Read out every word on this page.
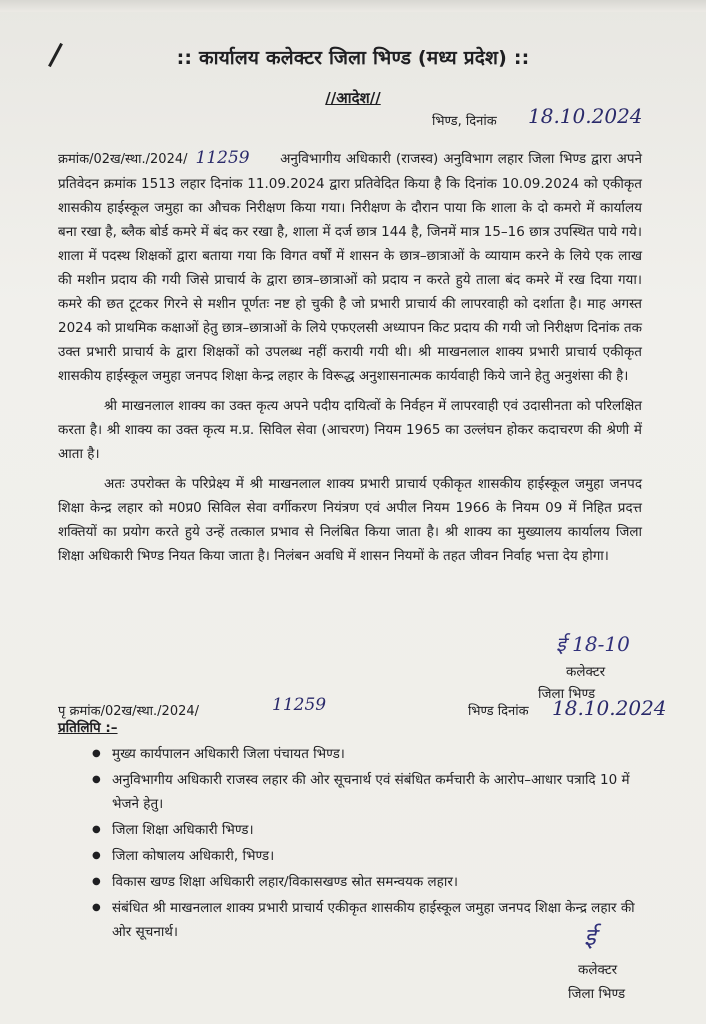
:: कार्यालय कलेक्टर जिला भिण्ड (मध्य प्रदेश) ::
//आदेश//
भिण्ड, दिनांक 18.10.2024

क्रमांक/02ख/स्था./2024/ 11259 अनुविभागीय अधिकारी (राजस्व) अनुविभाग लहार जिला भिण्ड द्वारा अपने प्रतिवेदन क्रमांक 1513 लहार दिनांक 11.09.2024 द्वारा प्रतिवेदित किया है कि दिनांक 10.09.2024 को एकीकृत शासकीय हाईस्कूल जमुहा का औचक निरीक्षण किया गया। निरीक्षण के दौरान पाया कि शाला के दो कमरो में कार्यालय बना रखा है, ब्लैक बोर्ड कमरे में बंद कर रखा है, शाला में दर्ज छात्र 144 है, जिनमें मात्र 15–16 छात्र उपस्थित पाये गये। शाला में पदस्थ शिक्षकों द्वारा बताया गया कि विगत वर्षों में शासन के छात्र–छात्राओं के व्यायाम करने के लिये एक लाख की मशीन प्रदाय की गयी जिसे प्राचार्य के द्वारा छात्र–छात्राओं को प्रदाय न करते हुये ताला बंद कमरे में रख दिया गया। कमरे की छत टूटकर गिरने से मशीन पूर्णतः नष्ट हो चुकी है जो प्रभारी प्राचार्य की लापरवाही को दर्शाता है। माह अगस्त 2024 को प्राथमिक कक्षाओं हेतु छात्र–छात्राओं के लिये एफएलसी अध्यापन किट प्रदाय की गयी जो निरीक्षण दिनांक तक उक्त प्रभारी प्राचार्य के द्वारा शिक्षकों को उपलब्ध नहीं करायी गयी थी। श्री माखनलाल शाक्य प्रभारी प्राचार्य एकीकृत शासकीय हाईस्कूल जमुहा जनपद शिक्षा केन्द्र लहार के विरूद्ध अनुशासनात्मक कार्यवाही किये जाने हेतु अनुशंसा की है।

श्री माखनलाल शाक्य का उक्त कृत्य अपने पदीय दायित्वों के निर्वहन में लापरवाही एवं उदासीनता को परिलक्षित करता है। श्री शाक्य का उक्त कृत्य म.प्र. सिविल सेवा (आचरण) नियम 1965 का उल्लंघन होकर कदाचरण की श्रेणी में आता है।

अतः उपरोक्त के परिप्रेक्ष्य में श्री माखनलाल शाक्य प्रभारी प्राचार्य एकीकृत शासकीय हाईस्कूल जमुहा जनपद शिक्षा केन्द्र लहार को म0प्र0 सिविल सेवा वर्गीकरण नियंत्रण एवं अपील नियम 1966 के नियम 09 में निहित प्रदत्त शक्तियों का प्रयोग करते हुये उन्हें तत्काल प्रभाव से निलंबित किया जाता है। श्री शाक्य का मुख्यालय कार्यालय जिला शिक्षा अधिकारी भिण्ड नियत किया जाता है। निलंबन अवधि में शासन नियमों के तहत जीवन निर्वाह भत्ता देय होगा।

ई 18-10
कलेक्टर
जिला भिण्ड
पृ क्रमांक/02ख/स्था./2024/	11259	भिण्ड दिनांक 18.10.2024
प्रतिलिपि :–
● मुख्य कार्यपालन अधिकारी जिला पंचायत भिण्ड।
● अनुविभागीय अधिकारी राजस्व लहार की ओर सूचनार्थ एवं संबंधित कर्मचारी के आरोप–आधार पत्रादि 10 में भेजने हेतु।
● जिला शिक्षा अधिकारी भिण्ड।
● जिला कोषालय अधिकारी, भिण्ड।
● विकास खण्ड शिक्षा अधिकारी लहार/विकासखण्ड स्रोत समन्वयक लहार।
● संबंधित श्री माखनलाल शाक्य प्रभारी प्राचार्य एकीकृत शासकीय हाईस्कूल जमुहा जनपद शिक्षा केन्द्र लहार की ओर सूचनार्थ।	ई
कलेक्टर
जिला भिण्ड
